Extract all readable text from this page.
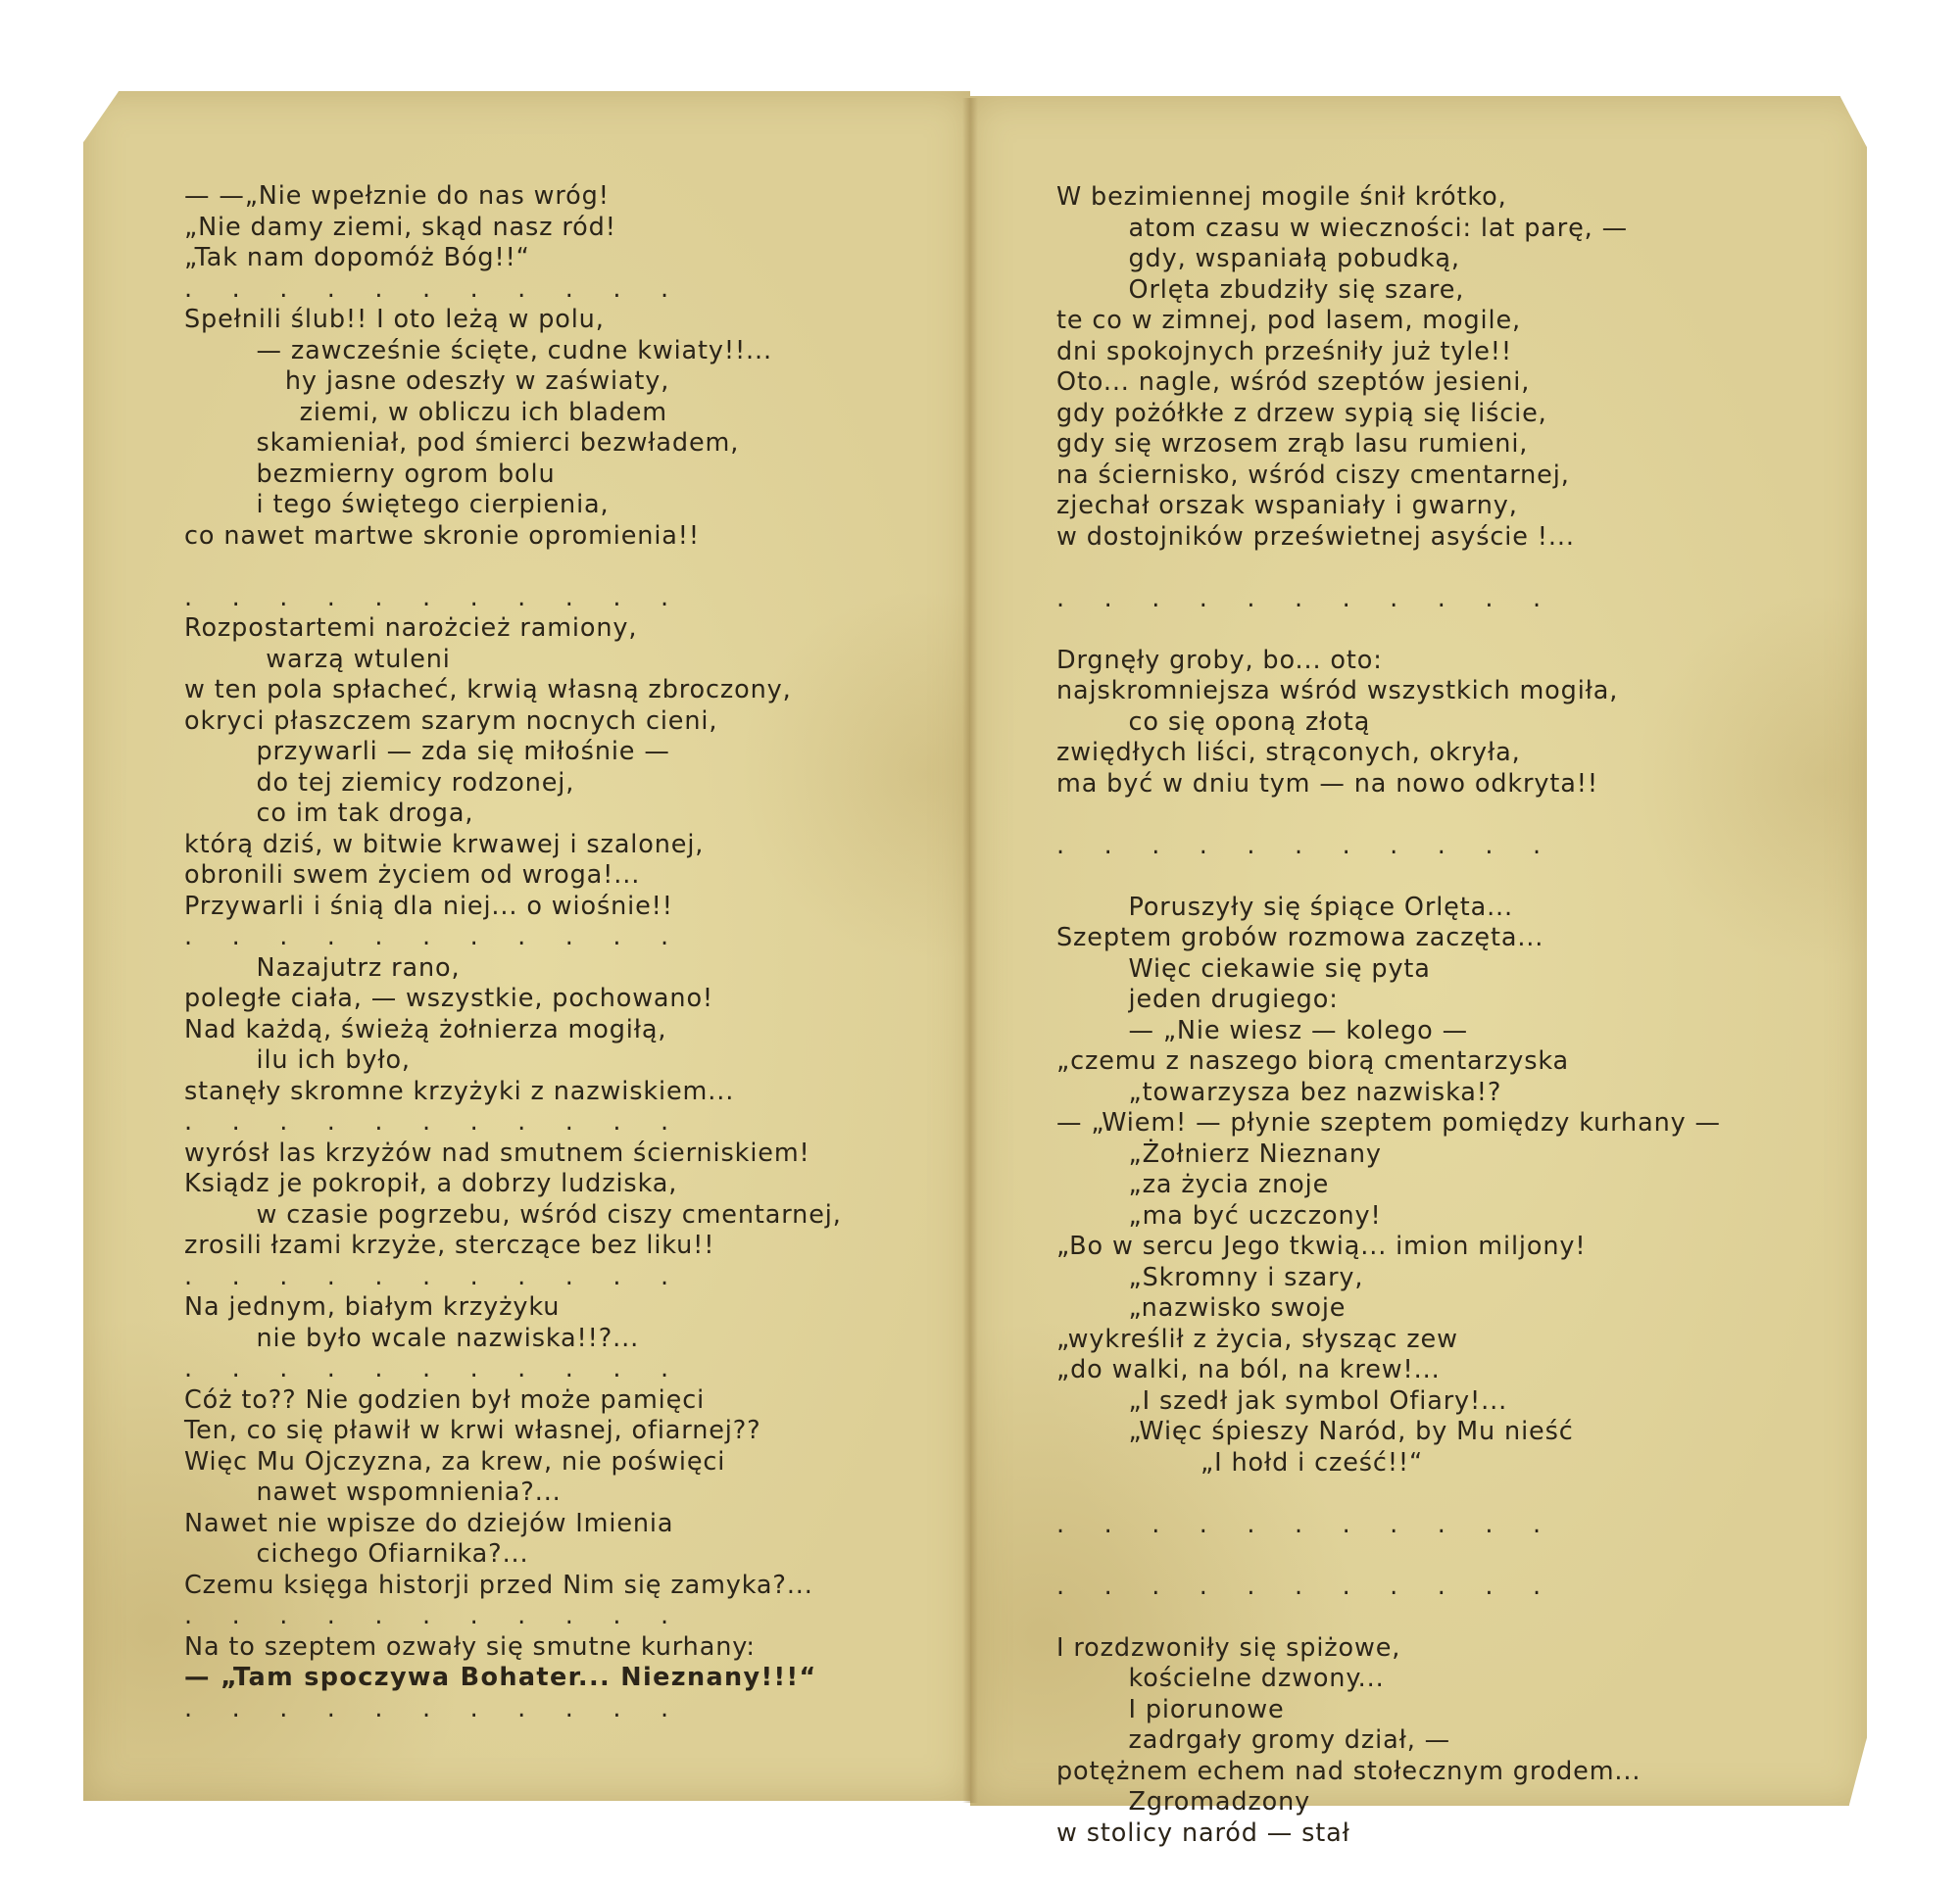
— —„Nie wpełznie do nas wróg!
„Nie damy ziemi, skąd nasz ród!
„Tak nam dopomóż Bóg!!“
.     .     .     .     .     .     .     .     .     .     .
Spełnili ślub!! I oto leżą w polu,
— zawcześnie ścięte, cudne kwiaty!!...
hy jasne odeszły w zaświaty,
ziemi, w obliczu ich bladem
skamieniał, pod śmierci bezwładem,
bezmierny ogrom bolu
i tego świętego cierpienia,
co nawet martwe skronie opromienia!!
.     .     .     .     .     .     .     .     .     .     .
Rozpostartemi narożcież ramiony,
warzą wtuleni
w ten pola spłacheć, krwią własną zbroczony,
okryci płaszczem szarym nocnych cieni,
przywarli — zda się miłośnie —
do tej ziemicy rodzonej,
co im tak droga,
którą dziś, w bitwie krwawej i szalonej,
obronili swem życiem od wroga!...
Przywarli i śnią dla niej... o wiośnie!!
.     .     .     .     .     .     .     .     .     .     .
Nazajutrz rano,
poległe ciała, — wszystkie, pochowano!
Nad każdą, świeżą żołnierza mogiłą,
ilu ich było,
stanęły skromne krzyżyki z nazwiskiem...
.     .     .     .     .     .     .     .     .     .     .
wyrósł las krzyżów nad smutnem ścierniskiem!
Ksiądz je pokropił, a dobrzy ludziska,
w czasie pogrzebu, wśród ciszy cmentarnej,
zrosili łzami krzyże, sterczące bez liku!!
.     .     .     .     .     .     .     .     .     .     .
Na jednym, białym krzyżyku
nie było wcale nazwiska!!?...
.     .     .     .     .     .     .     .     .     .     .
Cóż to?? Nie godzien był może pamięci
Ten, co się pławił w krwi własnej, ofiarnej??
Więc Mu Ojczyzna, za krew, nie poświęci
nawet wspomnienia?...
Nawet nie wpisze do dziejów Imienia
cichego Ofiarnika?...
Czemu księga historji przed Nim się zamyka?...
.     .     .     .     .     .     .     .     .     .     .
Na to szeptem ozwały się smutne kurhany:
— „Tam spoczywa Bohater... Nieznany!!!“
.     .     .     .     .     .     .     .     .     .     .
W bezimiennej mogile śnił krótko,
atom czasu w wieczności: lat parę, —
gdy, wspaniałą pobudką,
Orlęta zbudziły się szare,
te co w zimnej, pod lasem, mogile,
dni spokojnych prześniły już tyle!!
Oto... nagle, wśród szeptów jesieni,
gdy pożółkłe z drzew sypią się liście,
gdy się wrzosem zrąb lasu rumieni,
na ściernisko, wśród ciszy cmentarnej,
zjechał orszak wspaniały i gwarny,
w dostojników prześwietnej asyście !...
.     .     .     .     .     .     .     .     .     .     .
Drgnęły groby, bo... oto:
najskromniejsza wśród wszystkich mogiła,
co się oponą złotą
zwiędłych liści, strąconych, okryła,
ma być w dniu tym — na nowo odkryta!!
.     .     .     .     .     .     .     .     .     .     .
Poruszyły się śpiące Orlęta...
Szeptem grobów rozmowa zaczęta...
Więc ciekawie się pyta
jeden drugiego:
— „Nie wiesz — kolego —
„czemu z naszego biorą cmentarzyska
„towarzysza bez nazwiska!?
— „Wiem! — płynie szeptem pomiędzy kurhany —
„Żołnierz Nieznany
„za życia znoje
„ma być uczczony!
„Bo w sercu Jego tkwią... imion miljony!
„Skromny i szary,
„nazwisko swoje
„wykreślił z życia, słysząc zew
„do walki, na ból, na krew!...
„I szedł jak symbol Ofiary!...
„Więc śpieszy Naród, by Mu nieść
„I hołd i cześć!!“
.     .     .     .     .     .     .     .     .     .     .
.     .     .     .     .     .     .     .     .     .     .
I rozdzwoniły się spiżowe,
kościelne dzwony...
I piorunowe
zadrgały gromy dział, —
potężnem echem nad stołecznym grodem...
Zgromadzony
w stolicy naród — stał
